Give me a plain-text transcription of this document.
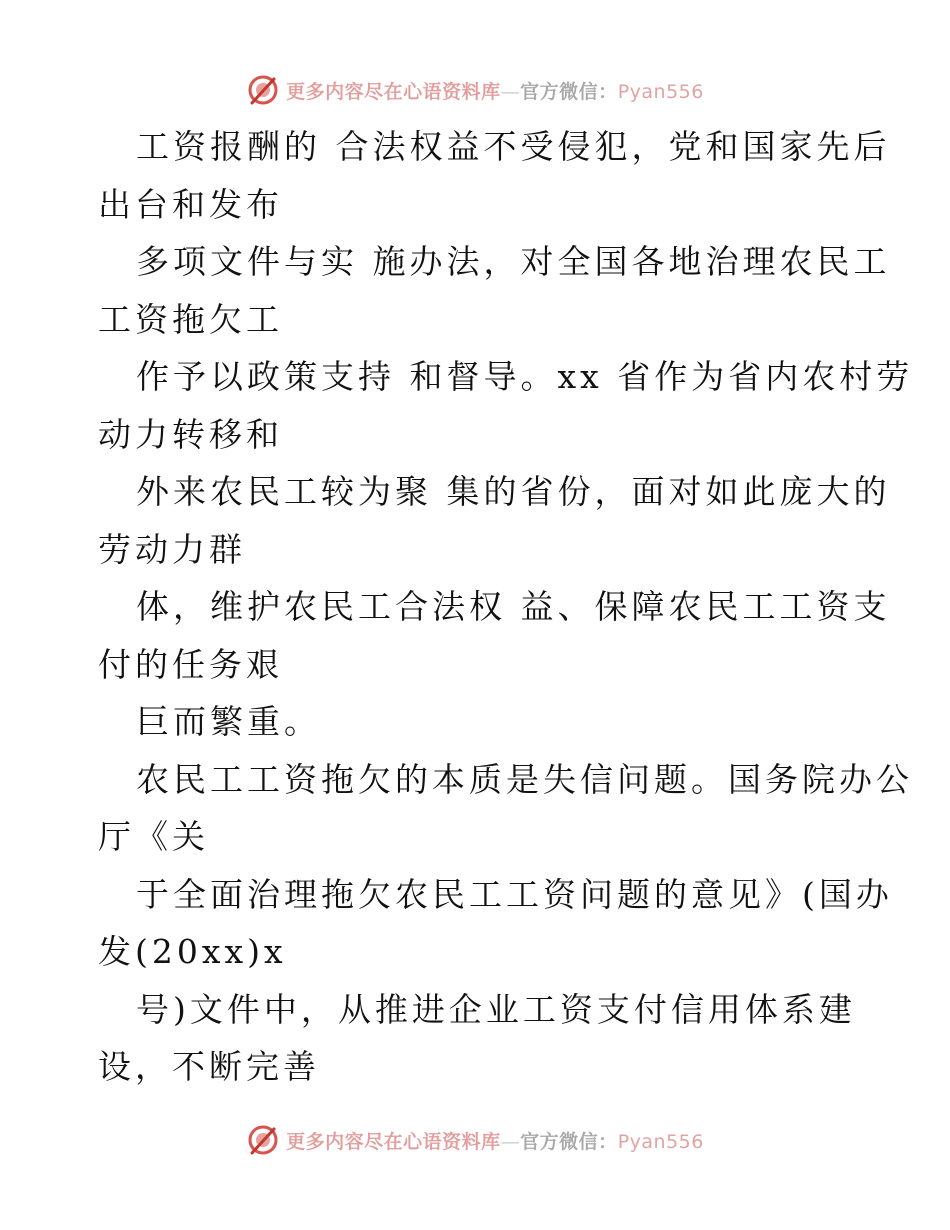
更多内容尽在心语资料库—官方微信：Pyan556
工资报酬的 合法权益不受侵犯，党和国家先后
出台和发布
多项文件与实 施办法，对全国各地治理农民工
工资拖欠工
作予以政策支持 和督导。xx 省作为省内农村劳
动力转移和
外来农民工较为聚 集的省份，面对如此庞大的
劳动力群
体，维护农民工合法权 益、保障农民工工资支
付的任务艰
巨而繁重。
农民工工资拖欠的本质是失信问题。国务院办公
厅《关
于全面治理拖欠农民工工资问题的意见》(国办
发(20xx)x
号)文件中，从推进企业工资支付信用体系建
设，不断完善
更多内容尽在心语资料库—官方微信：Pyan556
